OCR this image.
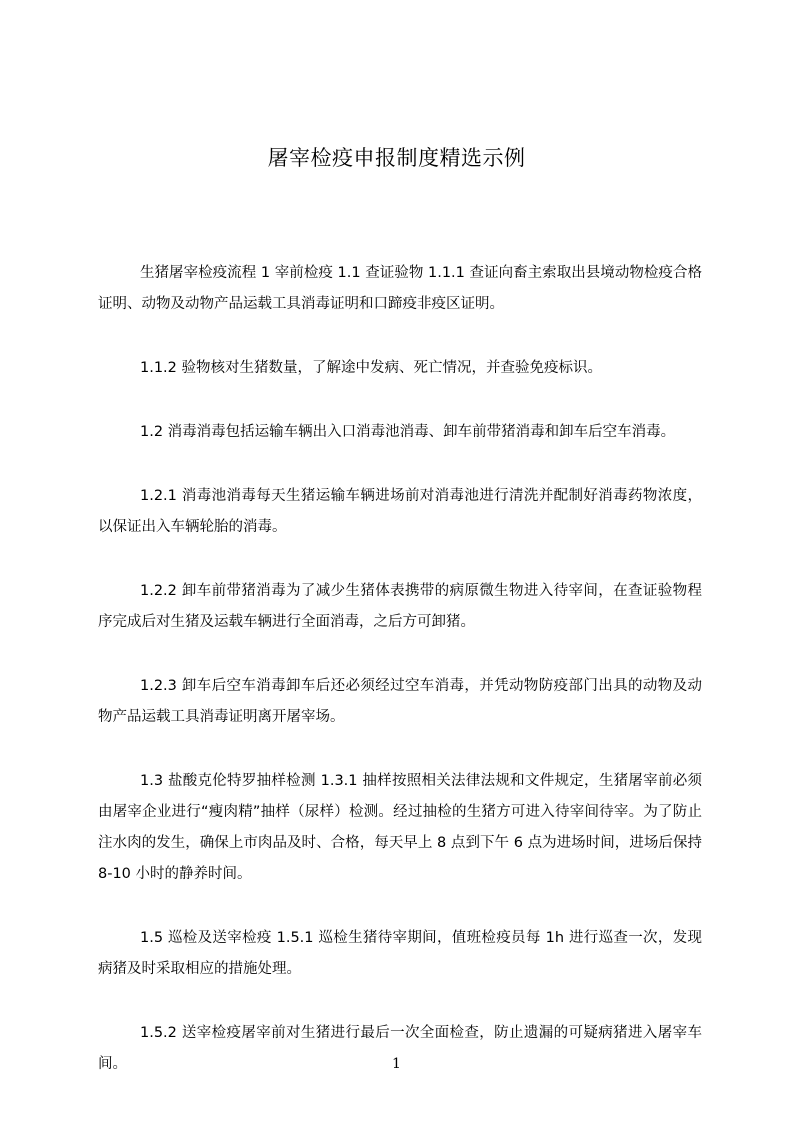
屠宰检疫申报制度精选示例

生猪屠宰检疫流程 1 宰前检疫 1.1 查证验物 1.1.1 查证向畜主索取出县境动物检疫合格证明、动物及动物产品运载工具消毒证明和口蹄疫非疫区证明。

1.1.2 验物核对生猪数量，了解途中发病、死亡情况，并查验免疫标识。

1.2 消毒消毒包括运输车辆出入口消毒池消毒、卸车前带猪消毒和卸车后空车消毒。

1.2.1 消毒池消毒每天生猪运输车辆进场前对消毒池进行清洗并配制好消毒药物浓度，以保证出入车辆轮胎的消毒。

1.2.2 卸车前带猪消毒为了减少生猪体表携带的病原微生物进入待宰间，在查证验物程序完成后对生猪及运载车辆进行全面消毒，之后方可卸猪。

1.2.3 卸车后空车消毒卸车后还必须经过空车消毒，并凭动物防疫部门出具的动物及动物产品运载工具消毒证明离开屠宰场。

1.3 盐酸克伦特罗抽样检测 1.3.1 抽样按照相关法律法规和文件规定，生猪屠宰前必须由屠宰企业进行“瘦肉精”抽样（尿样）检测。经过抽检的生猪方可进入待宰间待宰。为了防止注水肉的发生，确保上市肉品及时、合格，每天早上 8 点到下午 6 点为进场时间，进场后保持 8-10 小时的静养时间。

1.5 巡检及送宰检疫 1.5.1 巡检生猪待宰期间，值班检疫员每 1h 进行巡查一次，发现病猪及时采取相应的措施处理。

1.5.2 送宰检疫屠宰前对生猪进行最后一次全面检查，防止遗漏的可疑病猪进入屠宰车间。	1
